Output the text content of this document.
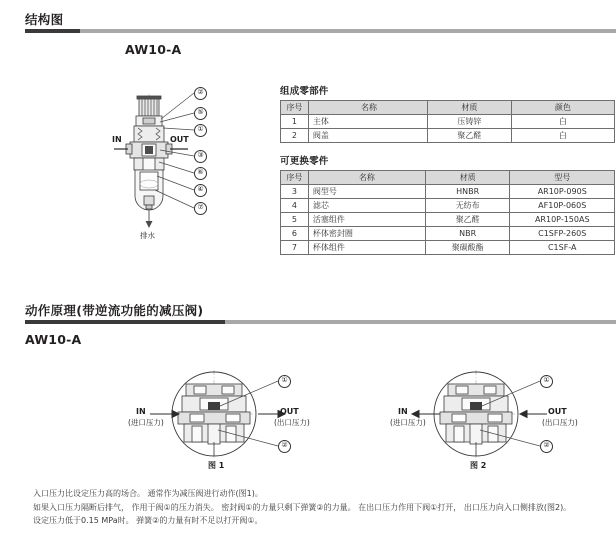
结构图
AW10-A
IN	OUT
排水
②
⑤
①
③
⑥
④
⑦
组成零部件
序号	名称	材质	颜色
1	主体	压铸锌	白
2	阀盖	聚乙醛	白
可更换零件
序号	名称	材质	型号
3	阀型号	HNBR	AR10P-090S
4	滤芯	无纺布	AF10P-060S
5	活塞组件	聚乙醛	AR10P-150AS
6	杯体密封圈	NBR	C1SFP-260S
7	杯体组件	聚碳酸酯	C1SF-A
动作原理(带逆流功能的减压阀)
AW10-A
IN
(进口压力)
OUT
(出口压力)
①
②
图 1
IN
(进口压力)
OUT
(出口压力)
①
②
图 2

入口压力比设定压力高的场合。 通常作为减压阀进行动作(图1)。

如果入口压力隔断后排气， 作用于阀①的压力消失。 密封阀①的力量只剩下弹簧②的力量。 在出口压力作用下阀①打开， 出口压力向入口侧排放(图2)。

设定压力低于0.15 MPa时。 弹簧②的力量有时不足以打开阀①。
